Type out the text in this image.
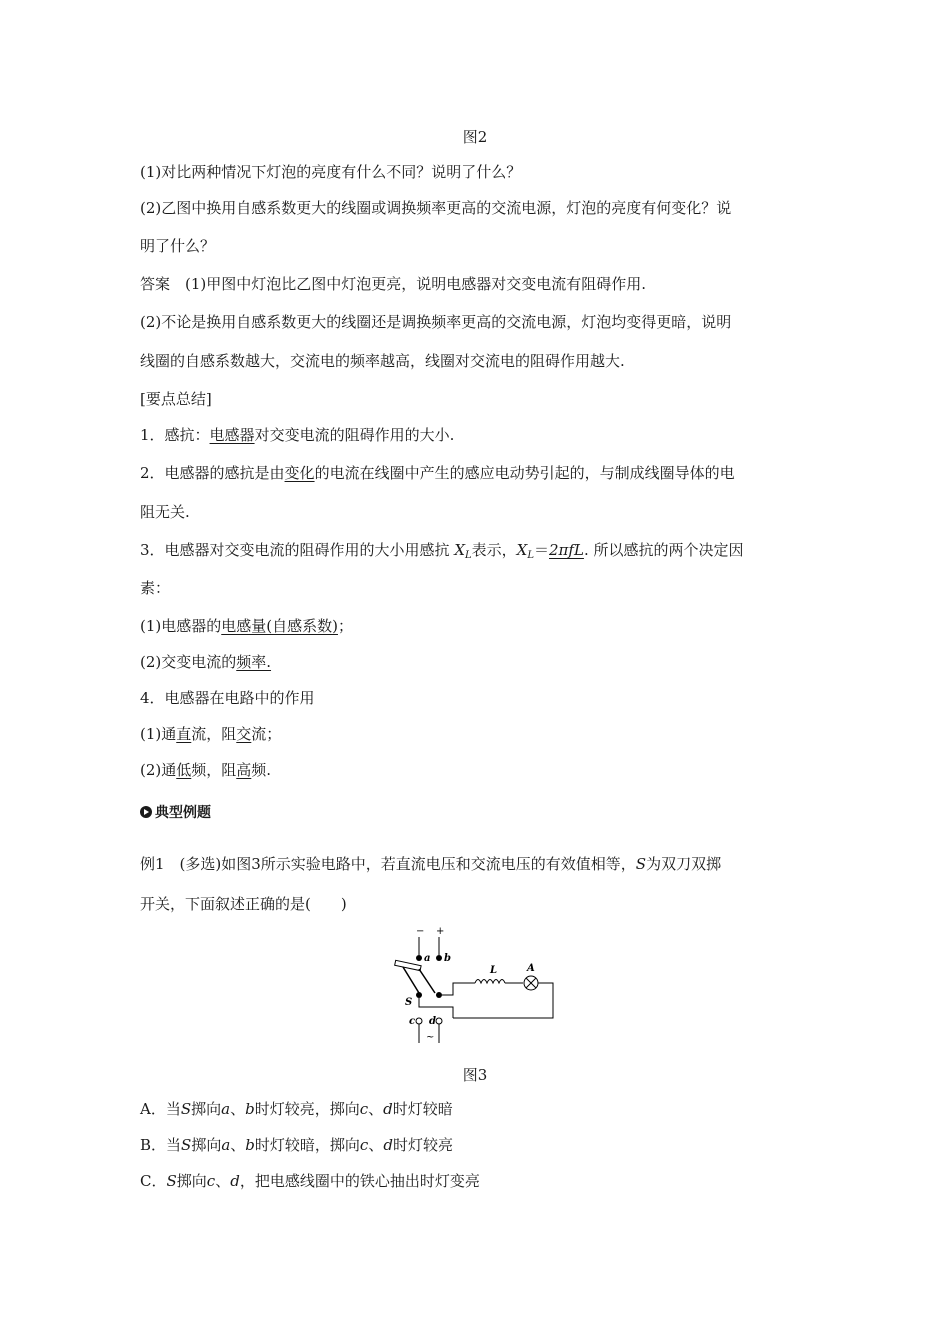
图2
(1)对比两种情况下灯泡的亮度有什么不同？说明了什么？
(2)乙图中换用自感系数更大的线圈或调换频率更高的交流电源，灯泡的亮度有何变化？说
明了什么？
答案  (1)甲图中灯泡比乙图中灯泡更亮，说明电感器对交变电流有阻碍作用.
(2)不论是换用自感系数更大的线圈还是调换频率更高的交流电源，灯泡均变得更暗，说明
线圈的自感系数越大，交流电的频率越高，线圈对交流电的阻碍作用越大.
[要点总结]
1．感抗：电感器对交变电流的阻碍作用的大小.
2．电感器的感抗是由变化的电流在线圈中产生的感应电动势引起的，与制成线圈导体的电
阻无关.
3．电感器对交变电流的阻碍作用的大小用感抗 $X_L$表示，$X_L=2\pi fL$. 所以感抗的两个决定因
素：
(1)电感器的电感量(自感系数)；
(2)交变电流的频率.
4．电感器在电路中的作用
(1)通直流，阻交流；
(2)通低频，阻高频.
典型例题
例1　(多选)如图3所示实验电路中，若直流电压和交流电压的有效值相等，S为双刀双掷
开关，下面叙述正确的是(　　)
− +
a b
S
L	A
c d
~
图3
A．当S掷向a、b时灯较亮，掷向c、d时灯较暗
B．当S掷向a、b时灯较暗，掷向c、d时灯较亮
C．S掷向c、d，把电感线圈中的铁心抽出时灯变亮
